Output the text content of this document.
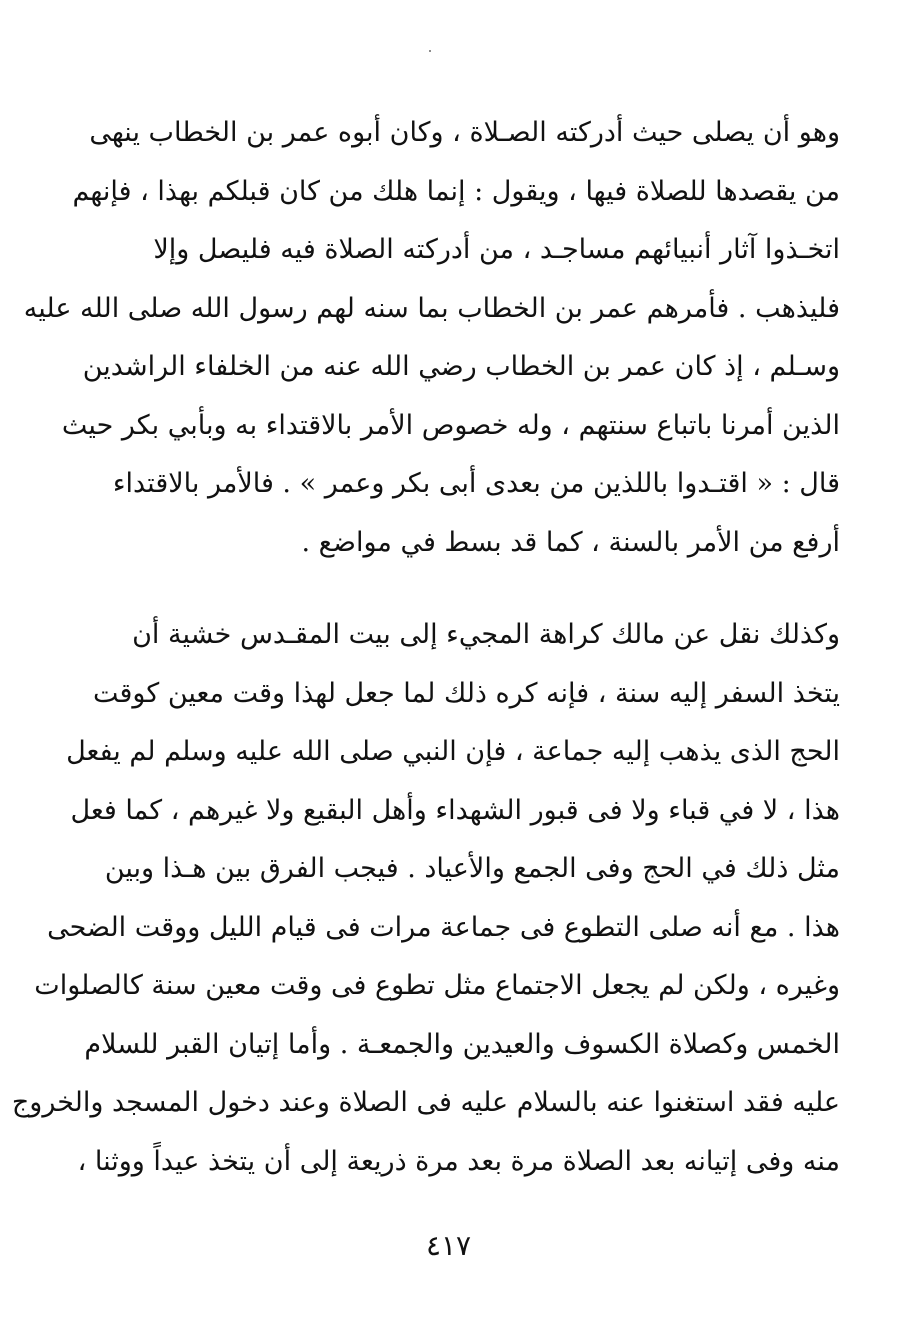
وهو أن يصلى حيث أدركته الصـلاة ، وكان أبوه عمر بن الخطاب ينهى
من يقصدها للصلاة فيها ، ويقول : إنما هلك من كان قبلكم بهذا ، فإنهم
اتخـذوا آثار أنبيائهم مساجـد ، من أدركته الصلاة فيه فليصل وإلا
فليذهب . فأمرهم عمر بن الخطاب بما سنه لهم رسول الله صلى الله عليه
وسـلم ، إذ كان عمر بن الخطاب رضي الله عنه من الخلفاء الراشدين
الذين أمرنا باتباع سنتهم ، وله خصوص الأمر بالاقتداء به وبأبي بكر حيث
قال : « اقتـدوا باللذين من بعدى أبى بكر وعمر » . فالأمر بالاقتداء
أرفع من الأمر بالسنة ، كما قد بسط في مواضع .
وكذلك نقل عن مالك كراهة المجيء إلى بيت المقـدس خشية أن
يتخذ السفر إليه سنة ، فإنه كره ذلك لما جعل لهذا وقت معين كوقت
الحج الذى يذهب إليه جماعة ، فإن النبي صلى الله عليه وسلم لم يفعل
هذا ، لا في قباء ولا فى قبور الشهداء وأهل البقيع ولا غيرهم ، كما فعل
مثل ذلك في الحج وفى الجمع والأعياد . فيجب الفرق بين هـذا وبين
هذا . مع أنه صلى التطوع فى جماعة مرات فى قيام الليل ووقت الضحى
وغيره ، ولكن لم يجعل الاجتماع مثل تطوع فى وقت معين سنة كالصلوات
الخمس وكصلاة الكسوف والعيدين والجمعـة . وأما إتيان القبر للسلام
عليه فقد استغنوا عنه بالسلام عليه فى الصلاة وعند دخول المسجد والخروج
منه وفى إتيانه بعد الصلاة مرة بعد مرة ذريعة إلى أن يتخذ عيداً ووثنا ،
٤١٧
